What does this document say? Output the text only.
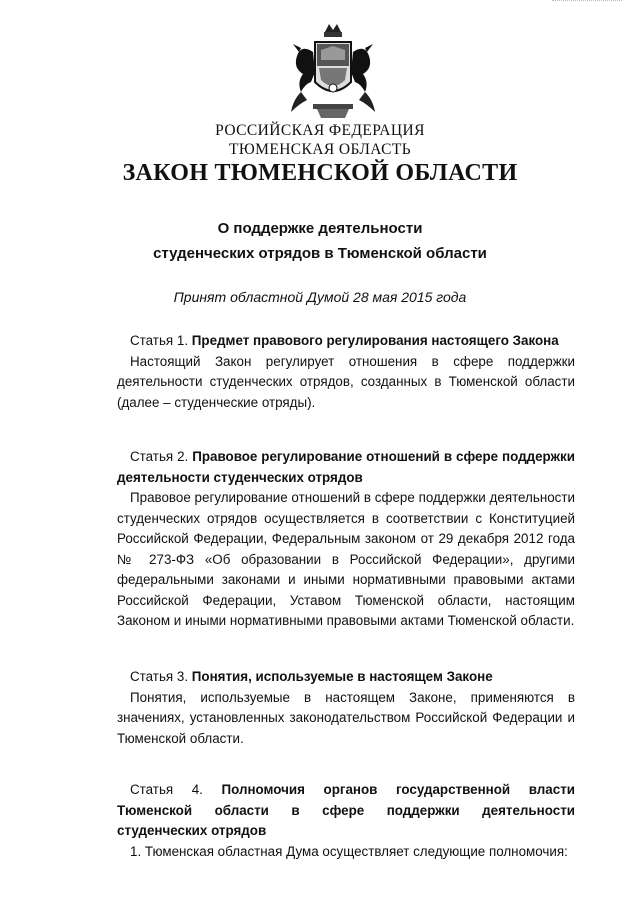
РОССИЙСКАЯ ФЕДЕРАЦИЯ
ТЮМЕНСКАЯ ОБЛАСТЬ
ЗАКОН ТЮМЕНСКОЙ ОБЛАСТИ
О поддержке деятельности
студенческих отрядов в Тюменской области
Принят областной Думой 28 мая 2015 года
Статья 1. Предмет правового регулирования настоящего Закона
Настоящий Закон регулирует отношения в сфере поддержки деятельности студенческих отрядов, созданных в Тюменской области (далее – студенческие отряды).
Статья 2. Правовое регулирование отношений в сфере поддержки деятельности студенческих отрядов
Правовое регулирование отношений в сфере поддержки деятельности студенческих отрядов осуществляется в соответствии с Конституцией Российской Федерации, Федеральным законом от 29 декабря 2012 года № 273-ФЗ «Об образовании в Российской Федерации», другими федеральными законами и иными нормативными правовыми актами Российской Федерации, Уставом Тюменской области, настоящим Законом и иными нормативными правовыми актами Тюменской области.
Статья 3. Понятия, используемые в настоящем Законе
Понятия, используемые в настоящем Законе, применяются в значениях, установленных законодательством Российской Федерации и Тюменской области.
Статья 4. Полномочия органов государственной власти Тюменской области в сфере поддержки деятельности студенческих отрядов
1. Тюменская областная Дума осуществляет следующие полномочия:
